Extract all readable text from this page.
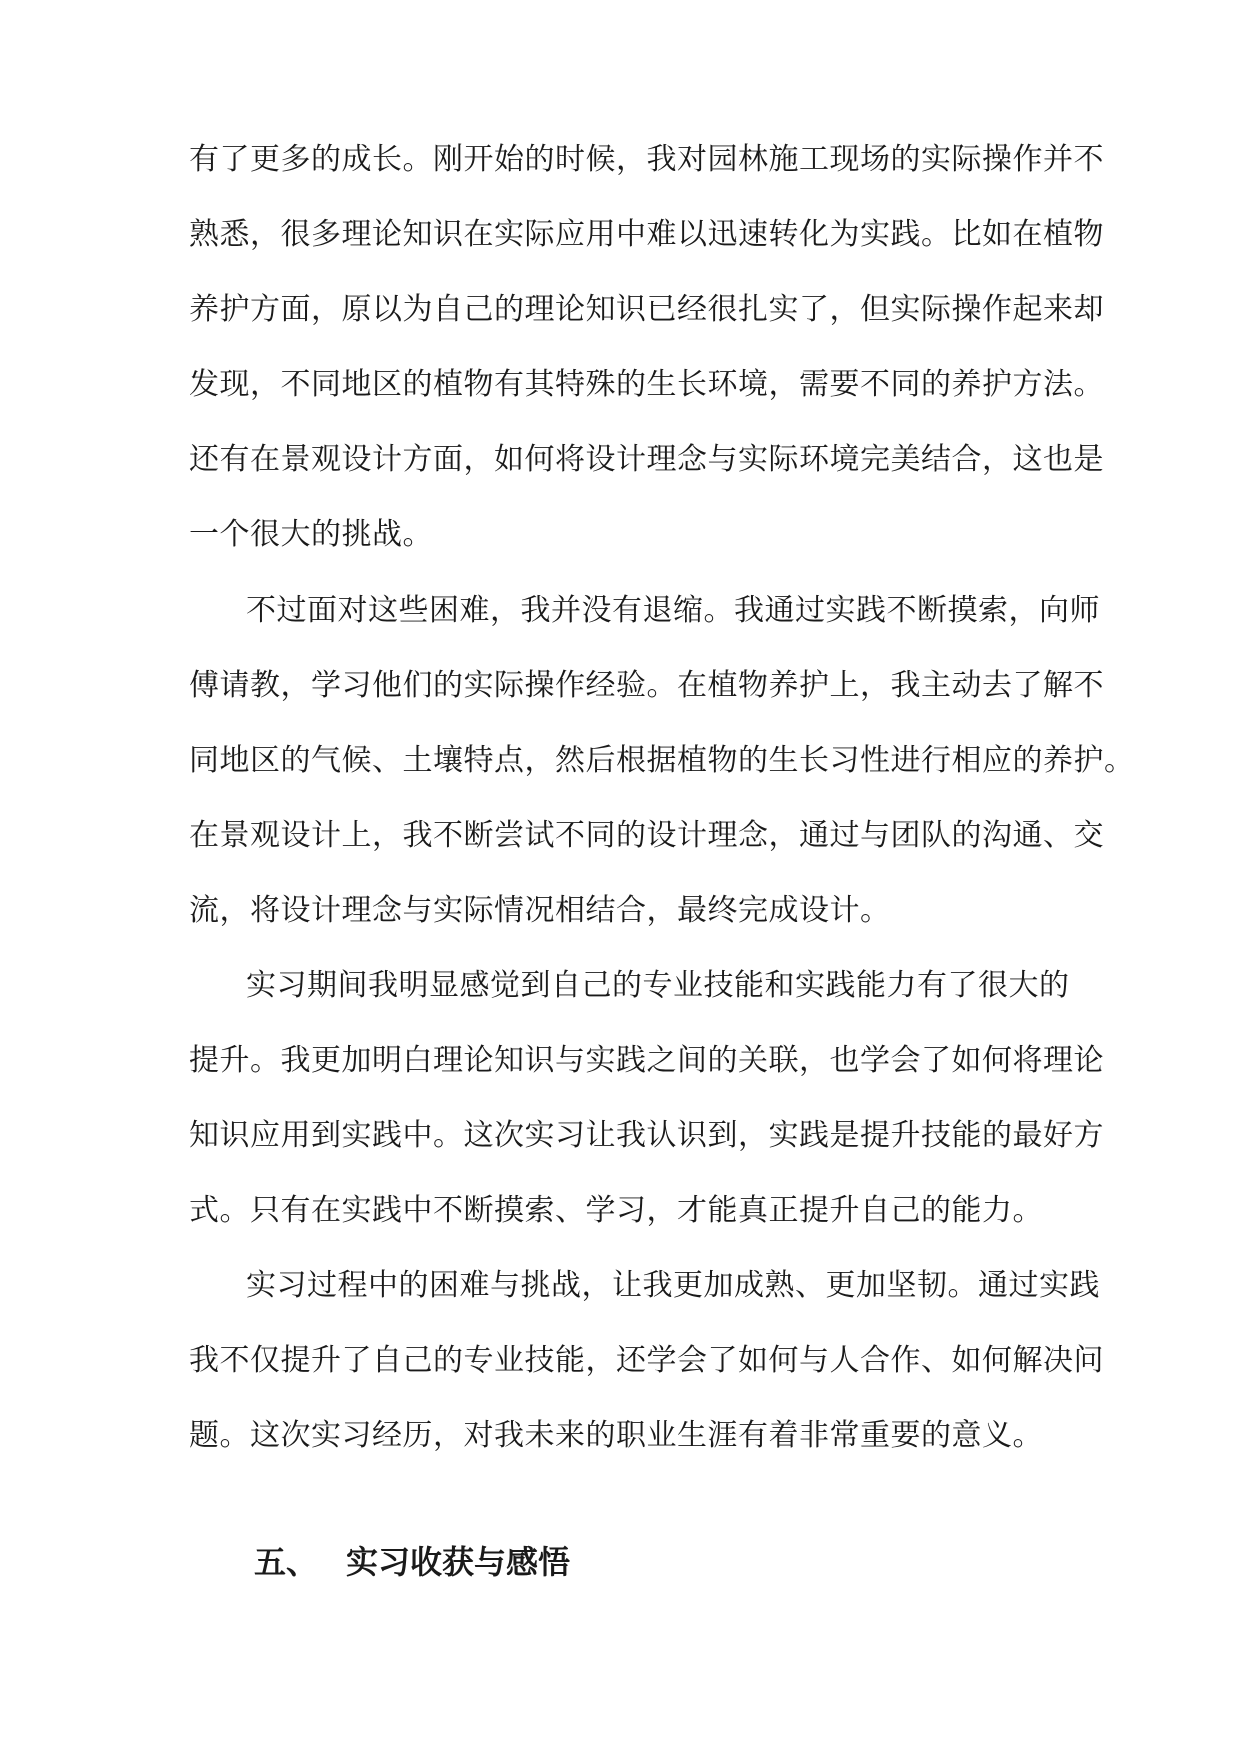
有了更多的成长。刚开始的时候，我对园林施工现场的实际操作并不
熟悉，很多理论知识在实际应用中难以迅速转化为实践。比如在植物
养护方面，原以为自己的理论知识已经很扎实了，但实际操作起来却
发现，不同地区的植物有其特殊的生长环境，需要不同的养护方法。
还有在景观设计方面，如何将设计理念与实际环境完美结合，这也是
一个很大的挑战。
不过面对这些困难，我并没有退缩。我通过实践不断摸索，向师
傅请教，学习他们的实际操作经验。在植物养护上，我主动去了解不
同地区的气候、土壤特点，然后根据植物的生长习性进行相应的养护。
在景观设计上，我不断尝试不同的设计理念，通过与团队的沟通、交
流，将设计理念与实际情况相结合，最终完成设计。
实习期间我明显感觉到自己的专业技能和实践能力有了很大的
提升。我更加明白理论知识与实践之间的关联，也学会了如何将理论
知识应用到实践中。这次实习让我认识到，实践是提升技能的最好方
式。只有在实践中不断摸索、学习，才能真正提升自己的能力。
实习过程中的困难与挑战，让我更加成熟、更加坚韧。通过实践
我不仅提升了自己的专业技能，还学会了如何与人合作、如何解决问
题。这次实习经历，对我未来的职业生涯有着非常重要的意义。
五、 实习收获与感悟
